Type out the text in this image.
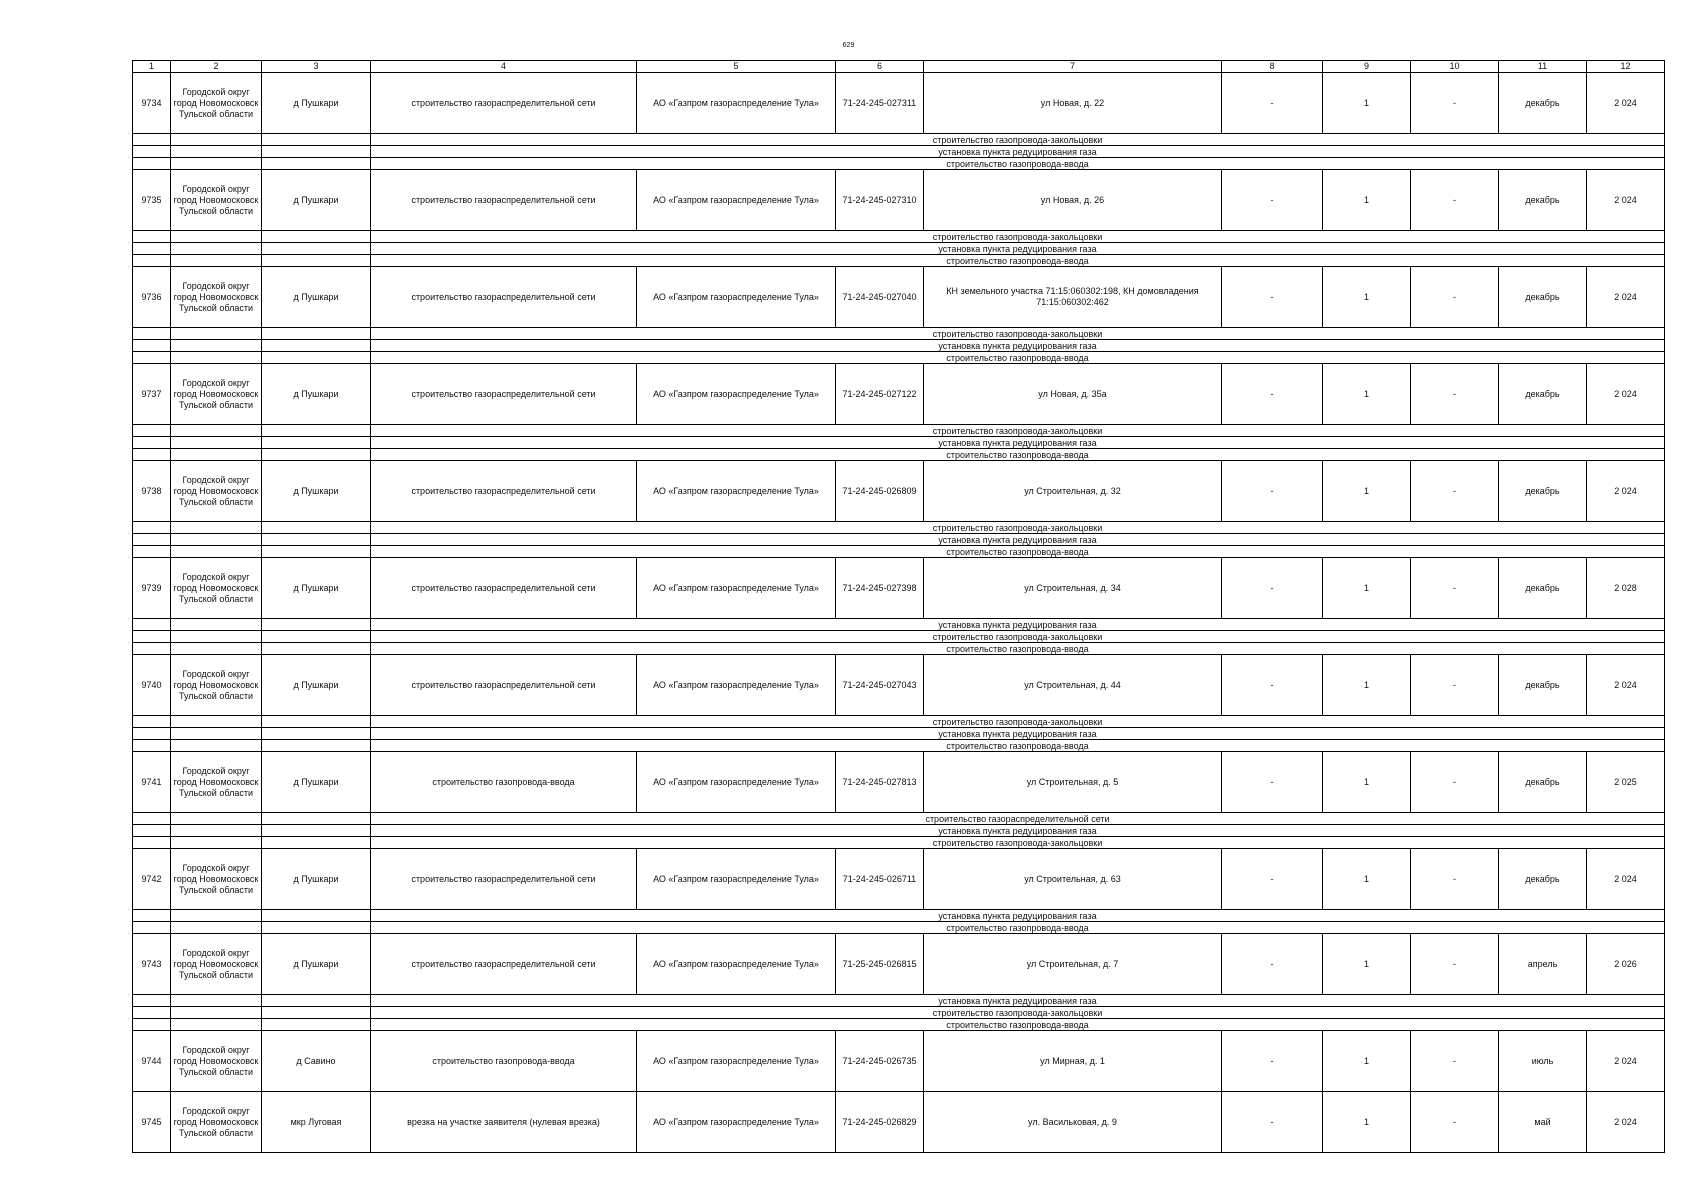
629
1	2	3	4	5	6	7	8	9	10	11	12
9734	Городской округ город Новомосковск Тульской области	д Пушкари	строительство газораспределительной сети	АО «Газпром газораспределение Тула»	71-24-245-027311	ул Новая, д. 22	-	1	-	декабрь	2 024
			строительство газопровода-закольцовки								
			установка пункта редуцирования газа								
			строительство газопровода-ввода								
9735	Городской округ город Новомосковск Тульской области	д Пушкари	строительство газораспределительной сети	АО «Газпром газораспределение Тула»	71-24-245-027310	ул Новая, д. 26	-	1	-	декабрь	2 024
			строительство газопровода-закольцовки								
			установка пункта редуцирования газа								
			строительство газопровода-ввода								
9736	Городской округ город Новомосковск Тульской области	д Пушкари	строительство газораспределительной сети	АО «Газпром газораспределение Тула»	71-24-245-027040	КН земельного участка 71:15:060302:198, КН домовладения 71:15:060302:462	-	1	-	декабрь	2 024
			строительство газопровода-закольцовки								
			установка пункта редуцирования газа								
			строительство газопровода-ввода								
9737	Городской округ город Новомосковск Тульской области	д Пушкари	строительство газораспределительной сети	АО «Газпром газораспределение Тула»	71-24-245-027122	ул Новая, д. 35а	-	1	-	декабрь	2 024
			строительство газопровода-закольцовки								
			установка пункта редуцирования газа								
			строительство газопровода-ввода								
9738	Городской округ город Новомосковск Тульской области	д Пушкари	строительство газораспределительной сети	АО «Газпром газораспределение Тула»	71-24-245-026809	ул Строительная, д. 32	-	1	-	декабрь	2 024
			строительство газопровода-закольцовки								
			установка пункта редуцирования газа								
			строительство газопровода-ввода								
9739	Городской округ город Новомосковск Тульской области	д Пушкари	строительство газораспределительной сети	АО «Газпром газораспределение Тула»	71-24-245-027398	ул Строительная, д. 34	-	1	-	декабрь	2 028
			установка пункта редуцирования газа								
			строительство газопровода-закольцовки								
			строительство газопровода-ввода								
9740	Городской округ город Новомосковск Тульской области	д Пушкари	строительство газораспределительной сети	АО «Газпром газораспределение Тула»	71-24-245-027043	ул Строительная, д. 44	-	1	-	декабрь	2 024
			строительство газопровода-закольцовки								
			установка пункта редуцирования газа								
			строительство газопровода-ввода								
9741	Городской округ город Новомосковск Тульской области	д Пушкари	строительство газопровода-ввода	АО «Газпром газораспределение Тула»	71-24-245-027813	ул Строительная, д. 5	-	1	-	декабрь	2 025
			строительство газораспределительной сети								
			установка пункта редуцирования газа								
			строительство газопровода-закольцовки								
9742	Городской округ город Новомосковск Тульской области	д Пушкари	строительство газораспределительной сети	АО «Газпром газораспределение Тула»	71-24-245-026711	ул Строительная, д. 63	-	1	-	декабрь	2 024
			установка пункта редуцирования газа								
			строительство газопровода-ввода								
9743	Городской округ город Новомосковск Тульской области	д Пушкари	строительство газораспределительной сети	АО «Газпром газораспределение Тула»	71-25-245-026815	ул Строительная, д. 7	-	1	-	апрель	2 026
			установка пункта редуцирования газа								
			строительство газопровода-закольцовки								
			строительство газопровода-ввода								
9744	Городской округ город Новомосковск Тульской области	д Савино	строительство газопровода-ввода	АО «Газпром газораспределение Тула»	71-24-245-026735	ул Мирная, д. 1	-	1	-	июль	2 024
9745	Городской округ город Новомосковск Тульской области	мкр Луговая	врезка на участке заявителя (нулевая врезка)	АО «Газпром газораспределение Тула»	71-24-245-026829	ул. Васильковая, д. 9	-	1	-	май	2 024
